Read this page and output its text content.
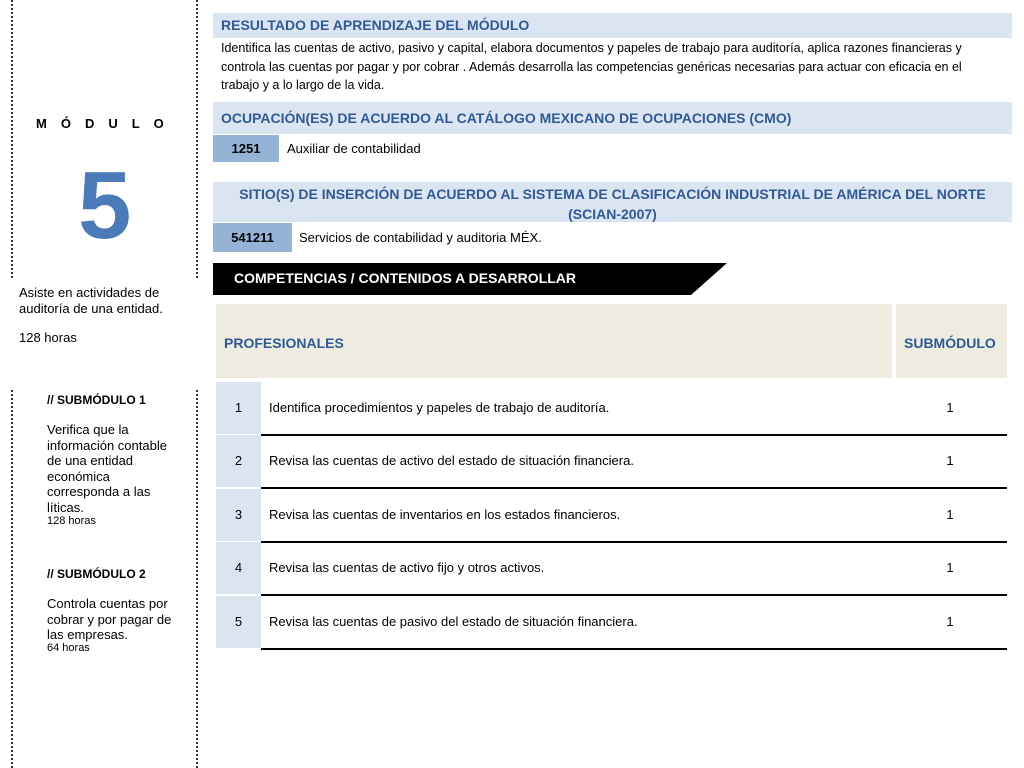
MÓDULO
5
Asiste en actividades de auditoría de una entidad.
128 horas
// SUBMÓDULO 1
Verifica que la información contable de una entidad económica corresponda a las líticas.
128 horas
// SUBMÓDULO 2
Controla cuentas por cobrar y por pagar de las empresas.
64 horas
RESULTADO DE APRENDIZAJE DEL MÓDULO
Identifica las cuentas de activo, pasivo y capital, elabora documentos y papeles de trabajo para auditoría, aplica razones financieras y controla las cuentas por pagar y por cobrar . Además desarrolla las competencias genéricas necesarias para actuar con eficacia en el trabajo y a lo largo de la vida.
OCUPACIÓN(ES) DE ACUERDO AL CATÁLOGO MEXICANO DE OCUPACIONES (CMO)
1251	Auxiliar de contabilidad
SITIO(S) DE INSERCIÓN DE ACUERDO AL SISTEMA DE CLASIFICACIÓN INDUSTRIAL DE AMÉRICA DEL NORTE (SCIAN-2007)
541211	Servicios de contabilidad y auditoria MÉX.
COMPETENCIAS / CONTENIDOS A DESARROLLAR
PROFESIONALES	SUBMÓDULO
1	Identifica procedimientos y papeles de trabajo de auditoría.	1
2	Revisa las cuentas de activo del estado de situación financiera.	1
3	Revisa las cuentas de inventarios en los estados financieros.	1
4	Revisa las cuentas de activo fijo y otros activos.	1
5	Revisa las cuentas de pasivo del estado de situación financiera.	1
